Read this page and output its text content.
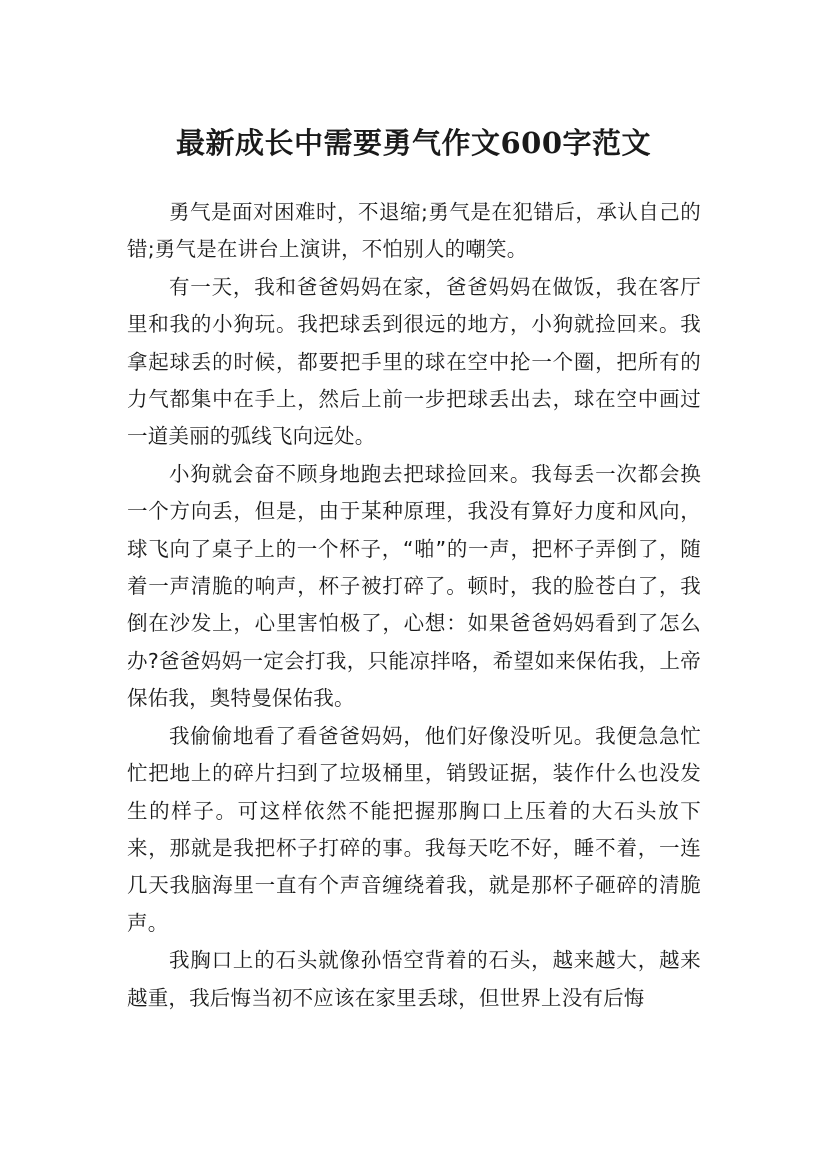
最新成长中需要勇气作文600字范文

勇气是面对困难时，不退缩;勇气是在犯错后，承认自己的错;勇气是在讲台上演讲，不怕别人的嘲笑。

有一天，我和爸爸妈妈在家，爸爸妈妈在做饭，我在客厅里和我的小狗玩。我把球丢到很远的地方，小狗就捡回来。我拿起球丢的时候，都要把手里的球在空中抡一个圈，把所有的力气都集中在手上，然后上前一步把球丢出去，球在空中画过一道美丽的弧线飞向远处。

小狗就会奋不顾身地跑去把球捡回来。我每丢一次都会换一个方向丢，但是，由于某种原理，我没有算好力度和风向，球飞向了桌子上的一个杯子，“啪”的一声，把杯子弄倒了，随着一声清脆的响声，杯子被打碎了。顿时，我的脸苍白了，我倒在沙发上，心里害怕极了，心想：如果爸爸妈妈看到了怎么办?爸爸妈妈一定会打我，只能凉拌咯，希望如来保佑我，上帝保佑我，奥特曼保佑我。

我偷偷地看了看爸爸妈妈，他们好像没听见。我便急急忙忙把地上的碎片扫到了垃圾桶里，销毁证据，装作什么也没发生的样子。可这样依然不能把握那胸口上压着的大石头放下来，那就是我把杯子打碎的事。我每天吃不好，睡不着，一连几天我脑海里一直有个声音缠绕着我，就是那杯子砸碎的清脆声。

我胸口上的石头就像孙悟空背着的石头，越来越大，越来越重，我后悔当初不应该在家里丢球，但世界上没有后悔
